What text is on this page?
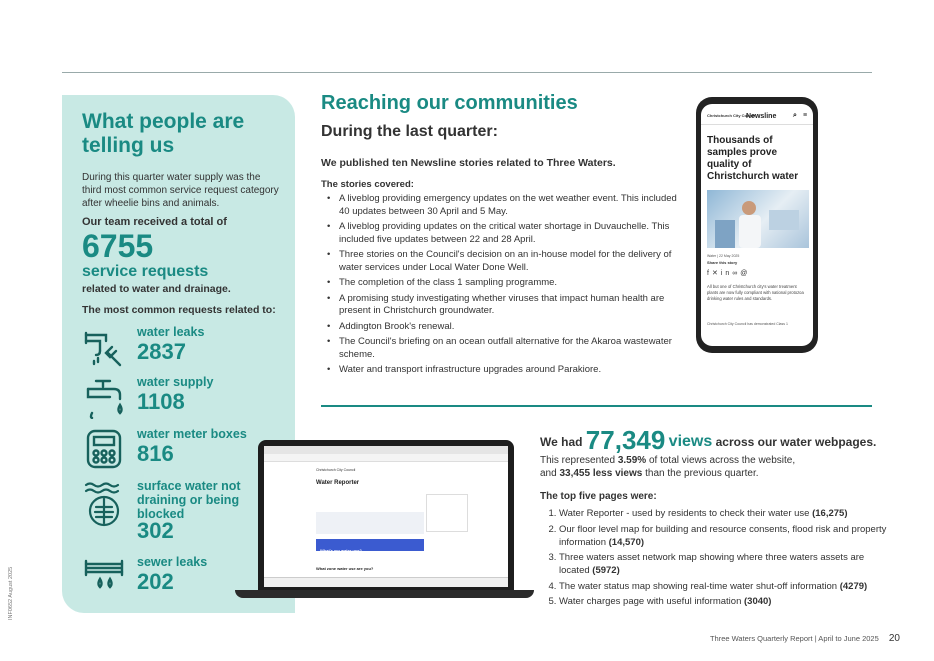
What people are telling us
During this quarter water supply was the third most common service request category after wheelie bins and animals.
Our team received a total of
6755
service requests
related to water and drainage.
The most common requests related to:
water leaks
2837
water supply
1108
water meter boxes
816
surface water not draining or being blocked
302
sewer leaks
202
Reaching our communities
During the last quarter:
We published ten Newsline stories related to Three Waters.
The stories covered:
• A liveblog providing emergency updates on the wet weather event. This included 40 updates between 30 April and 5 May.
• A liveblog providing updates on the critical water shortage in Duvauchelle. This included five updates between 22 and 28 April.
• Three stories on the Council's decision on an in-house model for the delivery of water services under Local Water Done Well.
• The completion of the class 1 sampling programme.
• A promising study investigating whether viruses that impact human health are present in Christchurch groundwater.
• Addington Brook's renewal.
• The Council's briefing on an ocean outfall alternative for the Akaroa wastewater scheme.
• Water and transport infrastructure upgrades around Parakiore.
Christchurch City Council
Newsline ⌕ ≡
Thousands of samples prove quality of Christchurch water
Water | 22 May 2025
Share this story
f✕in∞@
All but one of Christchurch city's water treatment plants are now fully compliant with national protozoa drinking water rules and standards.
Christchurch City Council has demonstrated Class 1
Christchurch City Council
Water Reporter
What's my water use?
What zone water use are you?
We had 77,349 views across our water webpages.
This represented 3.59% of total views across the website,
and 33,455 less views than the previous quarter.
The top five pages were:
1. Water Reporter - used by residents to check their water use (16,275)
2. Our floor level map for building and resource consents, flood risk and property information (14,570)
3. Three waters asset network map showing where three waters assets are located (5972)
4. The water status map showing real-time water shut-off information (4279)
5. Water charges page with useful information (3040)
Three Waters Quarterly Report | April to June 2025 20
INF0652 August 2025
